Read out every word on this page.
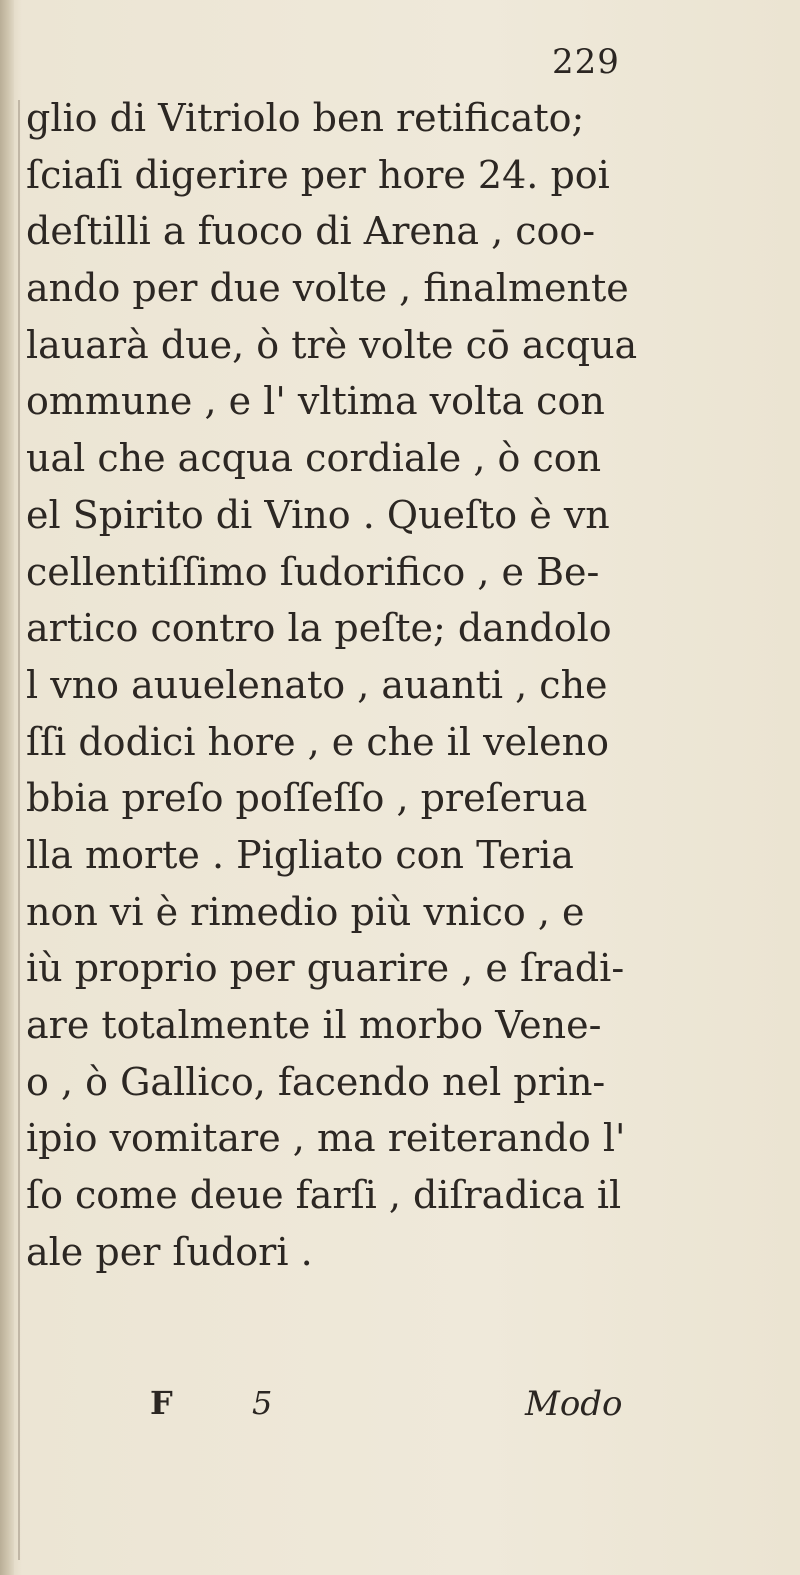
229
glio di Vitriolo ben retificato;
ſciaſi digerire per hore 24. poi
deſtilli a fuoco di Arena , coo-
ando per due volte , finalmente
lauarà due, ò trè volte cō acqua
ommune , e l' vltima volta con
ual che acqua cordiale , ò con
el Spirito di Vino . Queſto è vn
cellentiſſimo ſudorifico , e Be-
artico contro la peſte; dandolo
l vno auuelenato , auanti , che
ſſi dodici hore , e che il veleno
bbia preſo poſſeſſo , preſerua
lla morte . Pigliato con Teria
non vi è rimedio più vnico , e
iù proprio per guarire , e ſradi-
are totalmente il morbo Vene-
o , ò Gallico, facendo nel prin-
ipio vomitare , ma reiterando l'
ſo come deue farſi , diſradica il
ale per ſudori .
F 5	Modo
